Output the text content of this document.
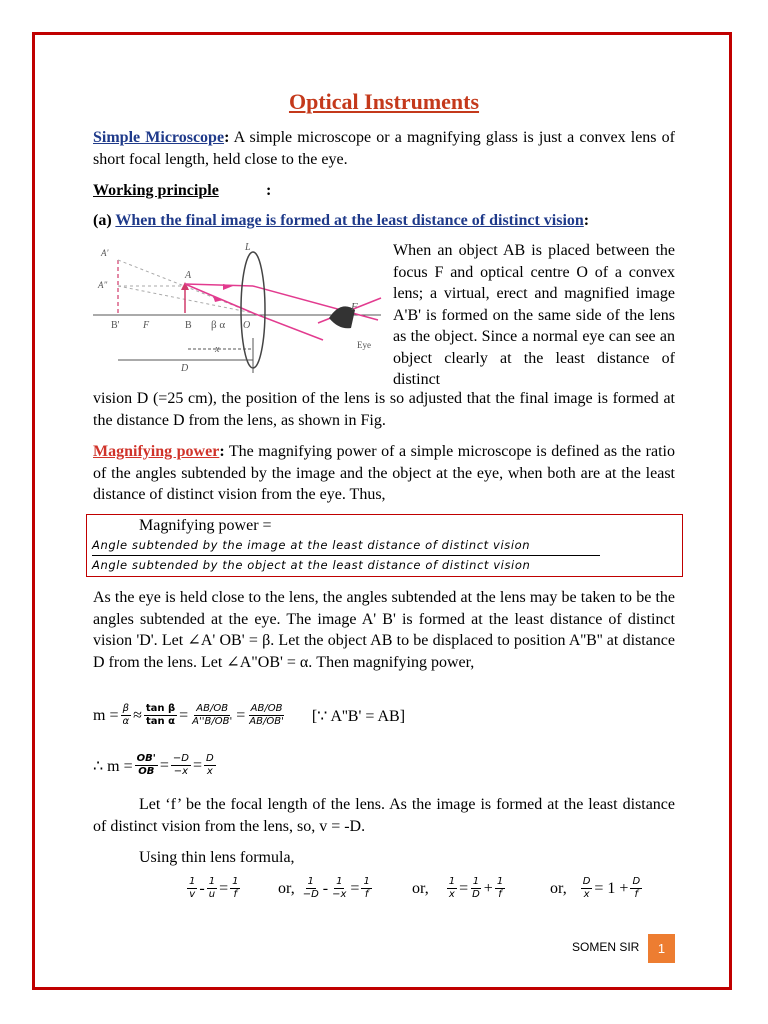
Optical Instruments
Simple Microscope: A simple microscope or a magnifying glass is just a convex lens of short focal length, held close to the eye.
Working principle	:
(a) When the final image is formed at the least distance of distinct vision:
A'
A"
A
B' F	B β α O
L
F
Eye
x
D
When an object AB is placed between the focus F and optical centre O of a convex lens; a virtual, erect and magnified image A'B' is formed on the same side of the lens as the object. Since a normal eye can see an object clearly at the least distance of distinct
vision D (=25 cm), the position of the lens is so adjusted that the final image is formed at the distance D from the lens, as shown in Fig.
Magnifying power: The magnifying power of a simple microscope is defined as the ratio of the angles subtended by the image and the object at the eye, when both are at the least distance of distinct vision from the eye. Thus,
Magnifying power =
Angle subtended by the image at the least distance of distinct vision
Angle subtended by the object at the least distance of distinct vision
As the eye is held close to the lens, the angles subtended at the lens may be taken to be the angles subtended at the eye. The image A' B' is formed at the least distance of distinct vision 'D'. Let ∠A' OB' = β. Let the object AB to be displaced to position A''B'' at distance D from the lens. Let ∠A"OB' = α. Then magnifying power,
$m = \frac{\beta}{\alpha} \approx \frac{\text{tan β}}{\text{tan α}} = \frac{AB/OB}{A''B/OB'} = \frac{AB/OB}{AB/OB'}$ [∵ A''B' = AB]
∴ $m = \frac{OB'}{OB} = \frac{-D}{-x} = \frac{D}{x}$
Let ‘f’ be the focal length of the lens. As the image is formed at the least distance of distinct vision from the lens, so, v = -D.
Using thin lens formula,
$\frac{1}{v} - \frac{1}{u} = \frac{1}{f}$ or, $\frac{1}{-D} - \frac{1}{-x} = \frac{1}{f}$	or, $\frac{1}{x} = \frac{1}{D} + \frac{1}{f}$	or, $\frac{D}{x} = 1 + \frac{D}{f}$
SOMEN SIR	1
